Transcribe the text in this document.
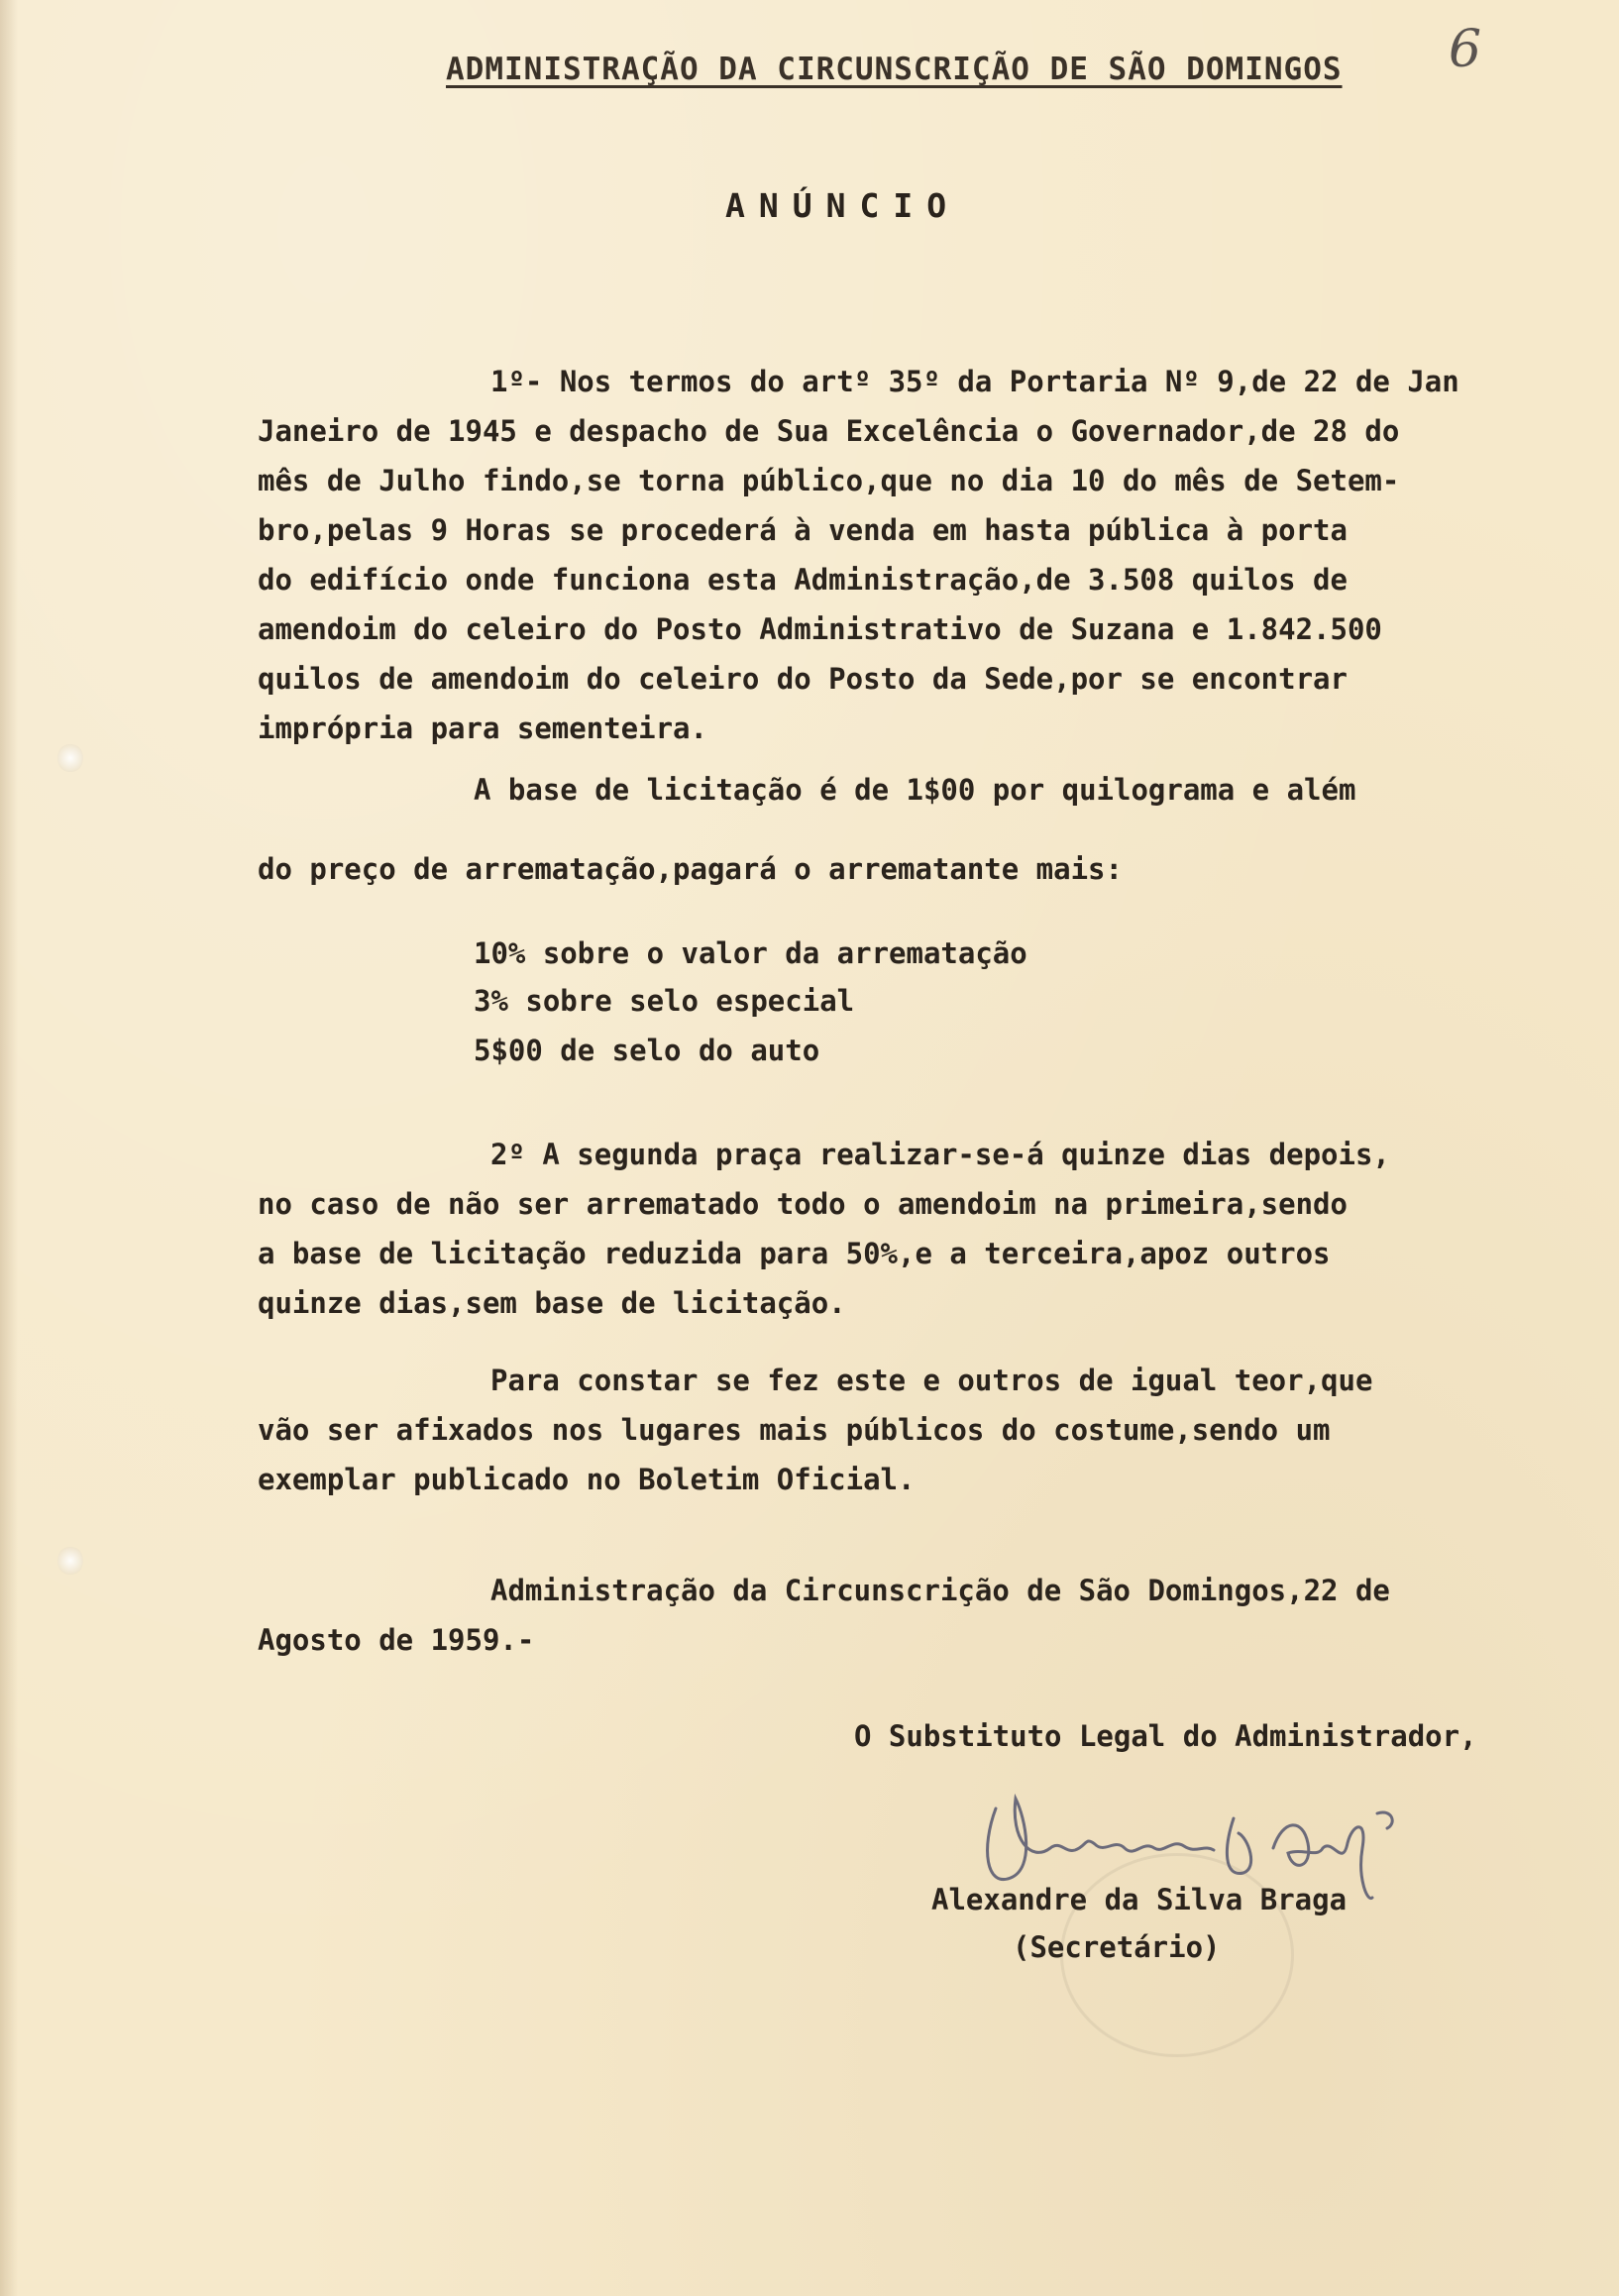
ADMINISTRAÇÃO DA CIRCUNSCRIÇÃO DE SÃO DOMINGOS 6
ANÚNCIO
1º- Nos termos do artº 35º da Portaria Nº 9,de 22 de Jan
Janeiro de 1945 e despacho de Sua Excelência o Governador,de 28 do
mês de Julho findo,se torna público,que no dia 10 do mês de Setem-
bro,pelas 9 Horas se procederá à venda em hasta pública à porta
do edifício onde funciona esta Administração,de 3.508 quilos de
amendoim do celeiro do Posto Administrativo de Suzana e 1.842.500
quilos de amendoim do celeiro do Posto da Sede,por se encontrar
imprópria para sementeira.
A base de licitação é de 1$00 por quilograma e além
do preço de arrematação,pagará o arrematante mais:
10% sobre o valor da arrematação
3% sobre selo especial
5$00 de selo do auto
2º A segunda praça realizar-se-á quinze dias depois,
no caso de não ser arrematado todo o amendoim na primeira,sendo
a base de licitação reduzida para 50%,e a terceira,apoz outros
quinze dias,sem base de licitação.
Para constar se fez este e outros de igual teor,que
vão ser afixados nos lugares mais públicos do costume,sendo um
exemplar publicado no Boletim Oficial.
Administração da Circunscrição de São Domingos,22 de
Agosto de 1959.-
O Substituto Legal do Administrador,
Alexandre da Silva Braga
(Secretário)
